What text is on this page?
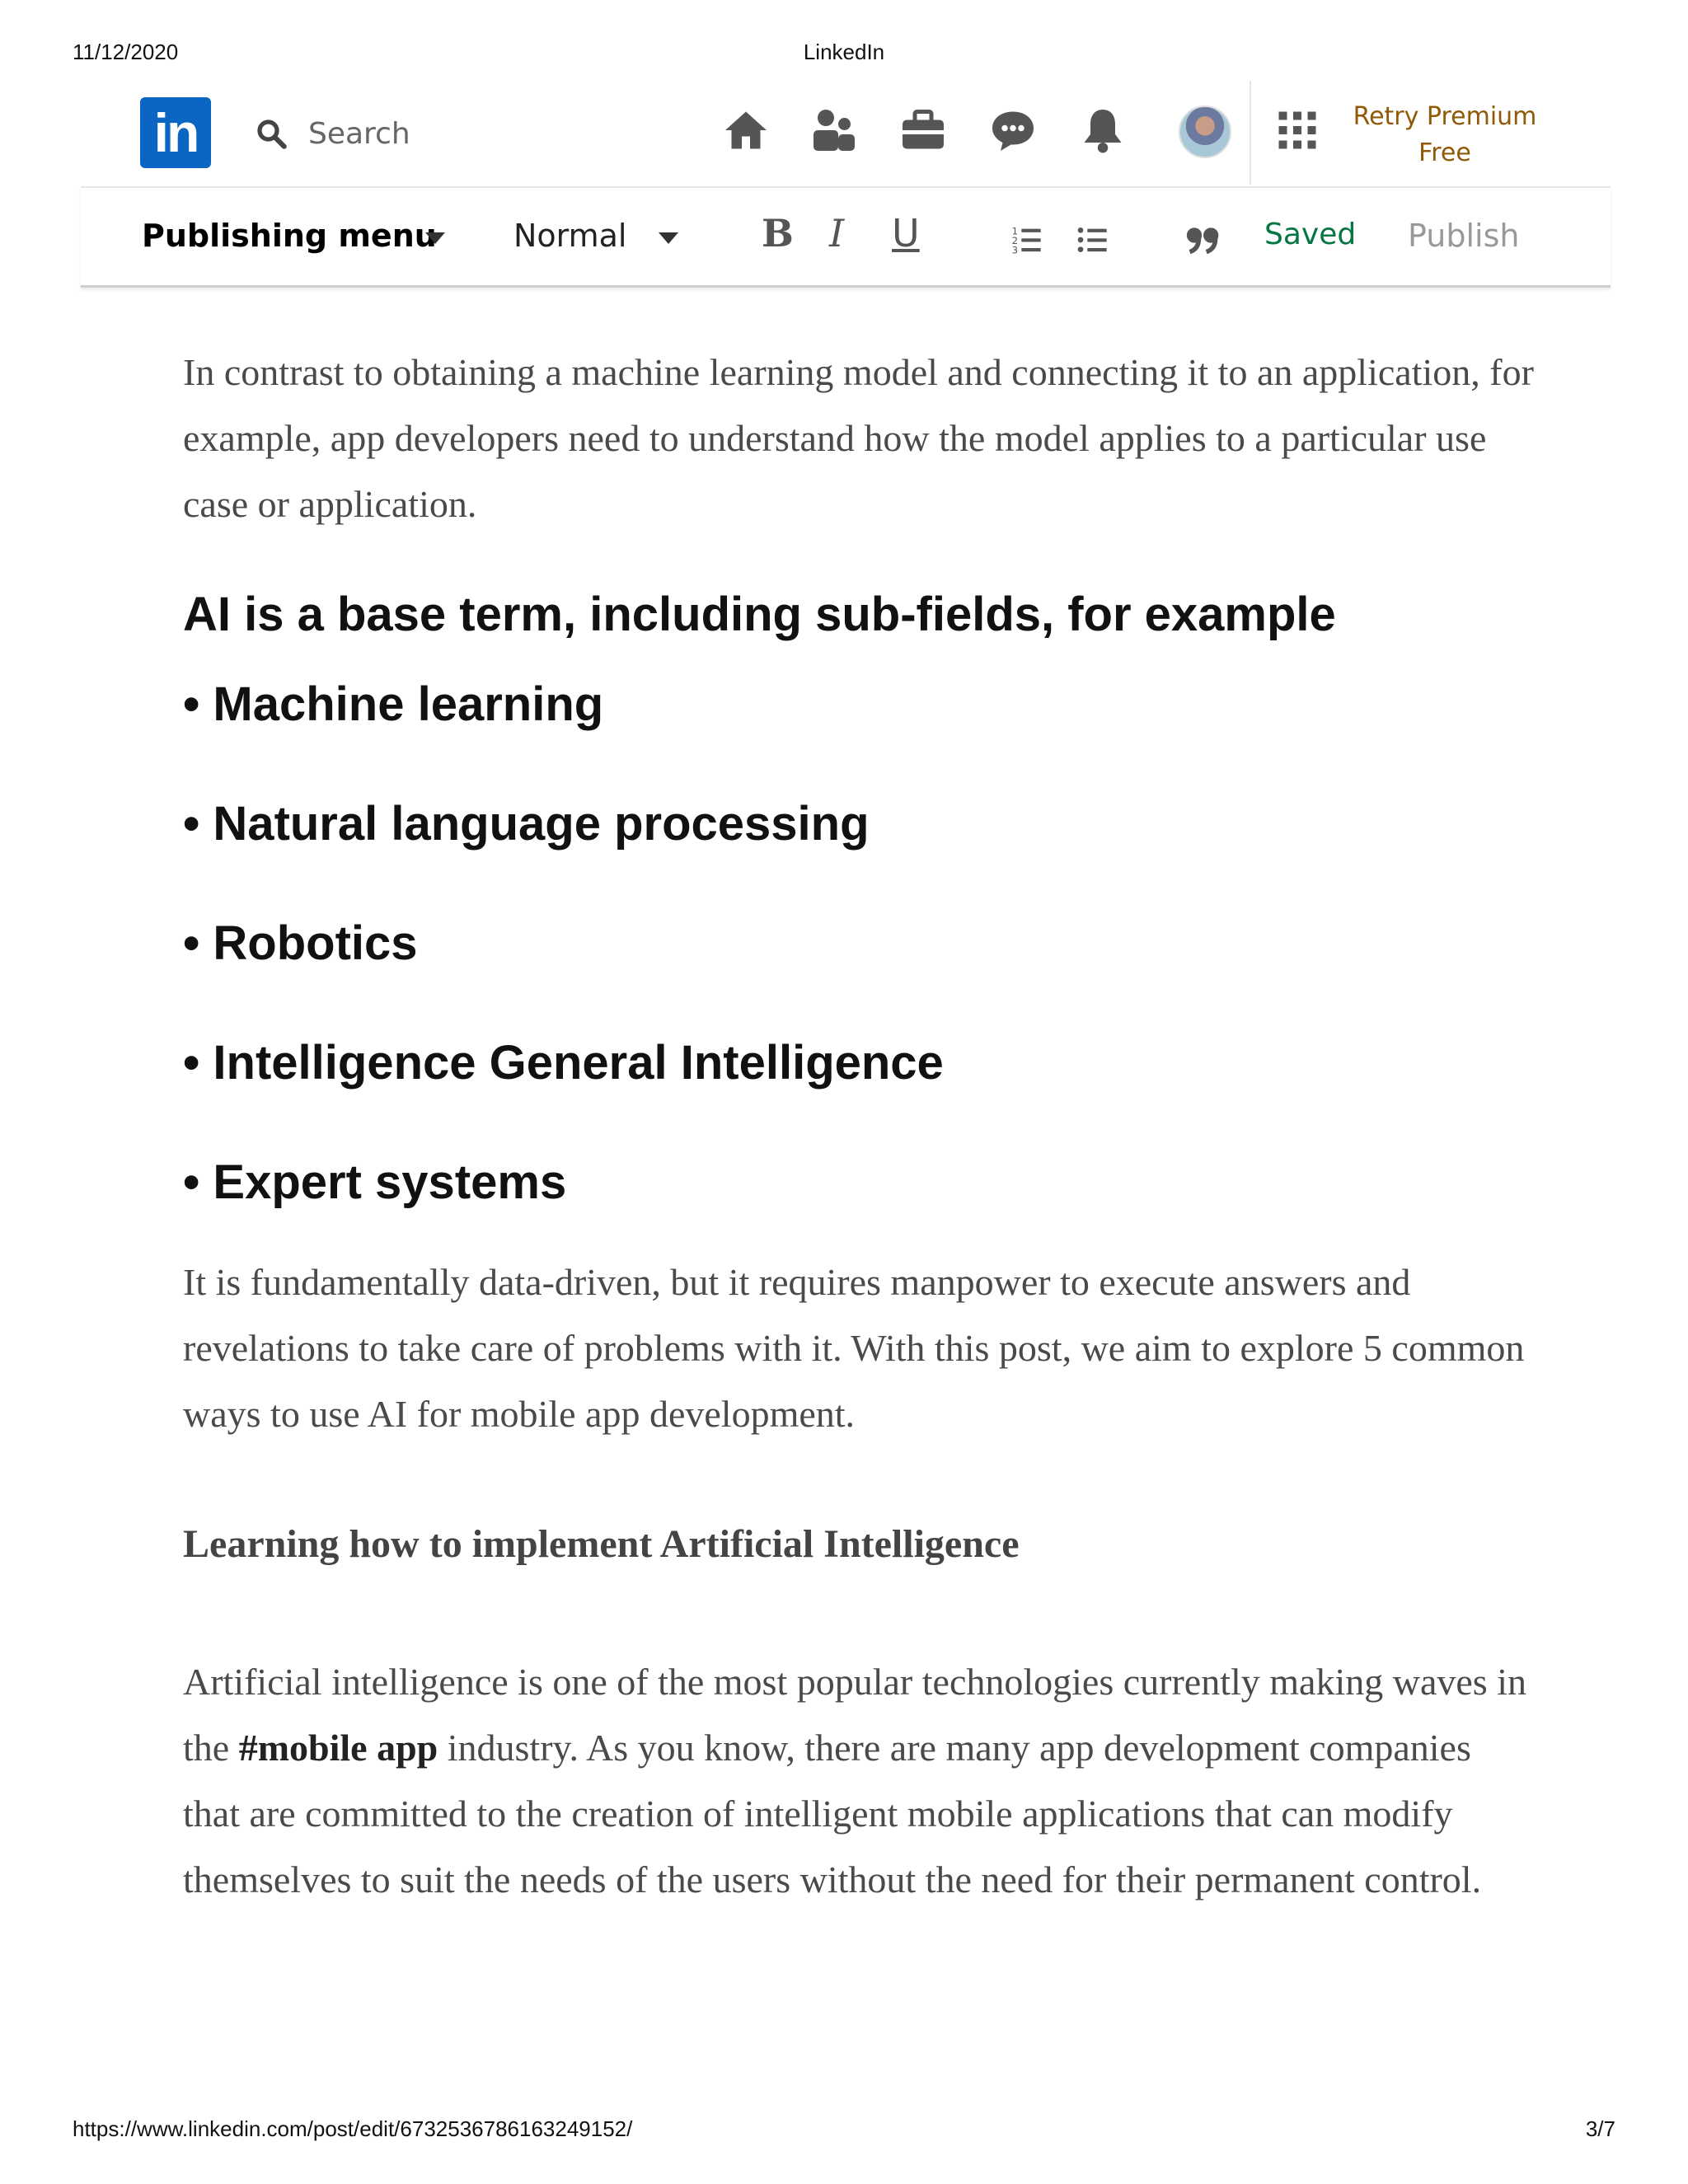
11/12/2020	LinkedIn
in	Search	Retry Premium
Free
Publishing menu Normal	B I U	1
2
3	Saved Publish

In contrast to obtaining a machine learning model and connecting it to an application, for example, app developers need to understand how the model applies to a particular use case or application.

AI is a base term, including sub-fields, for example
• Machine learning
• Natural language processing
• Robotics
• Intelligence General Intelligence
• Expert systems

It is fundamentally data-driven, but it requires manpower to execute answers and revelations to take care of problems with it. With this post, we aim to explore 5 common ways to use AI for mobile app development.

Learning how to implement Artificial Intelligence

Artificial intelligence is one of the most popular technologies currently making waves in the #mobile app industry. As you know, there are many app development companies that are committed to the creation of intelligent mobile applications that can modify themselves to suit the needs of the users without the need for their permanent control.

https://www.linkedin.com/post/edit/6732536786163249152/	3/7
